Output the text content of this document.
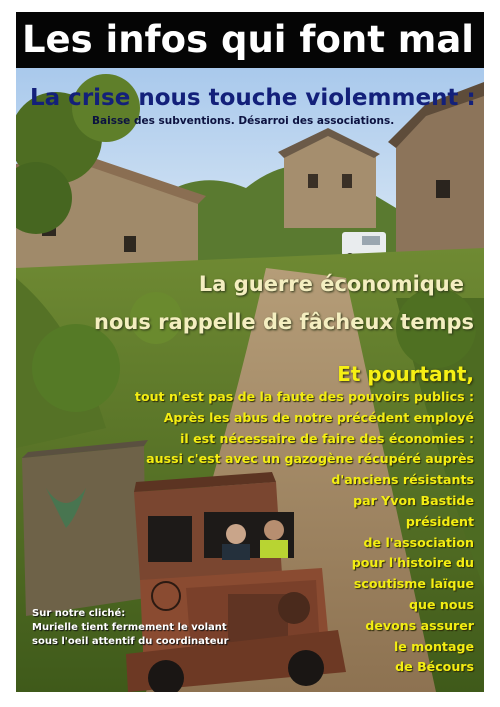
Les infos qui font mal
La crise nous touche violemment :
Baisse des subventions. Désarroi des associations.
La guerre économique
nous rappelle de fâcheux temps
Et pourtant,
tout n'est pas de la faute des pouvoirs publics :
Après les abus de notre précédent employé
il est nécessaire de faire des économies :
aussi c'est avec un gazogène récupéré auprès
d'anciens résistants
par Yvon Bastide
président
de l'association
pour l'histoire du
scoutisme laïque
que nous
devons assurer
le montage
de Bécours
Sur notre cliché:
Murielle tient fermement le volant
sous l'oeil attentif du coordinateur
